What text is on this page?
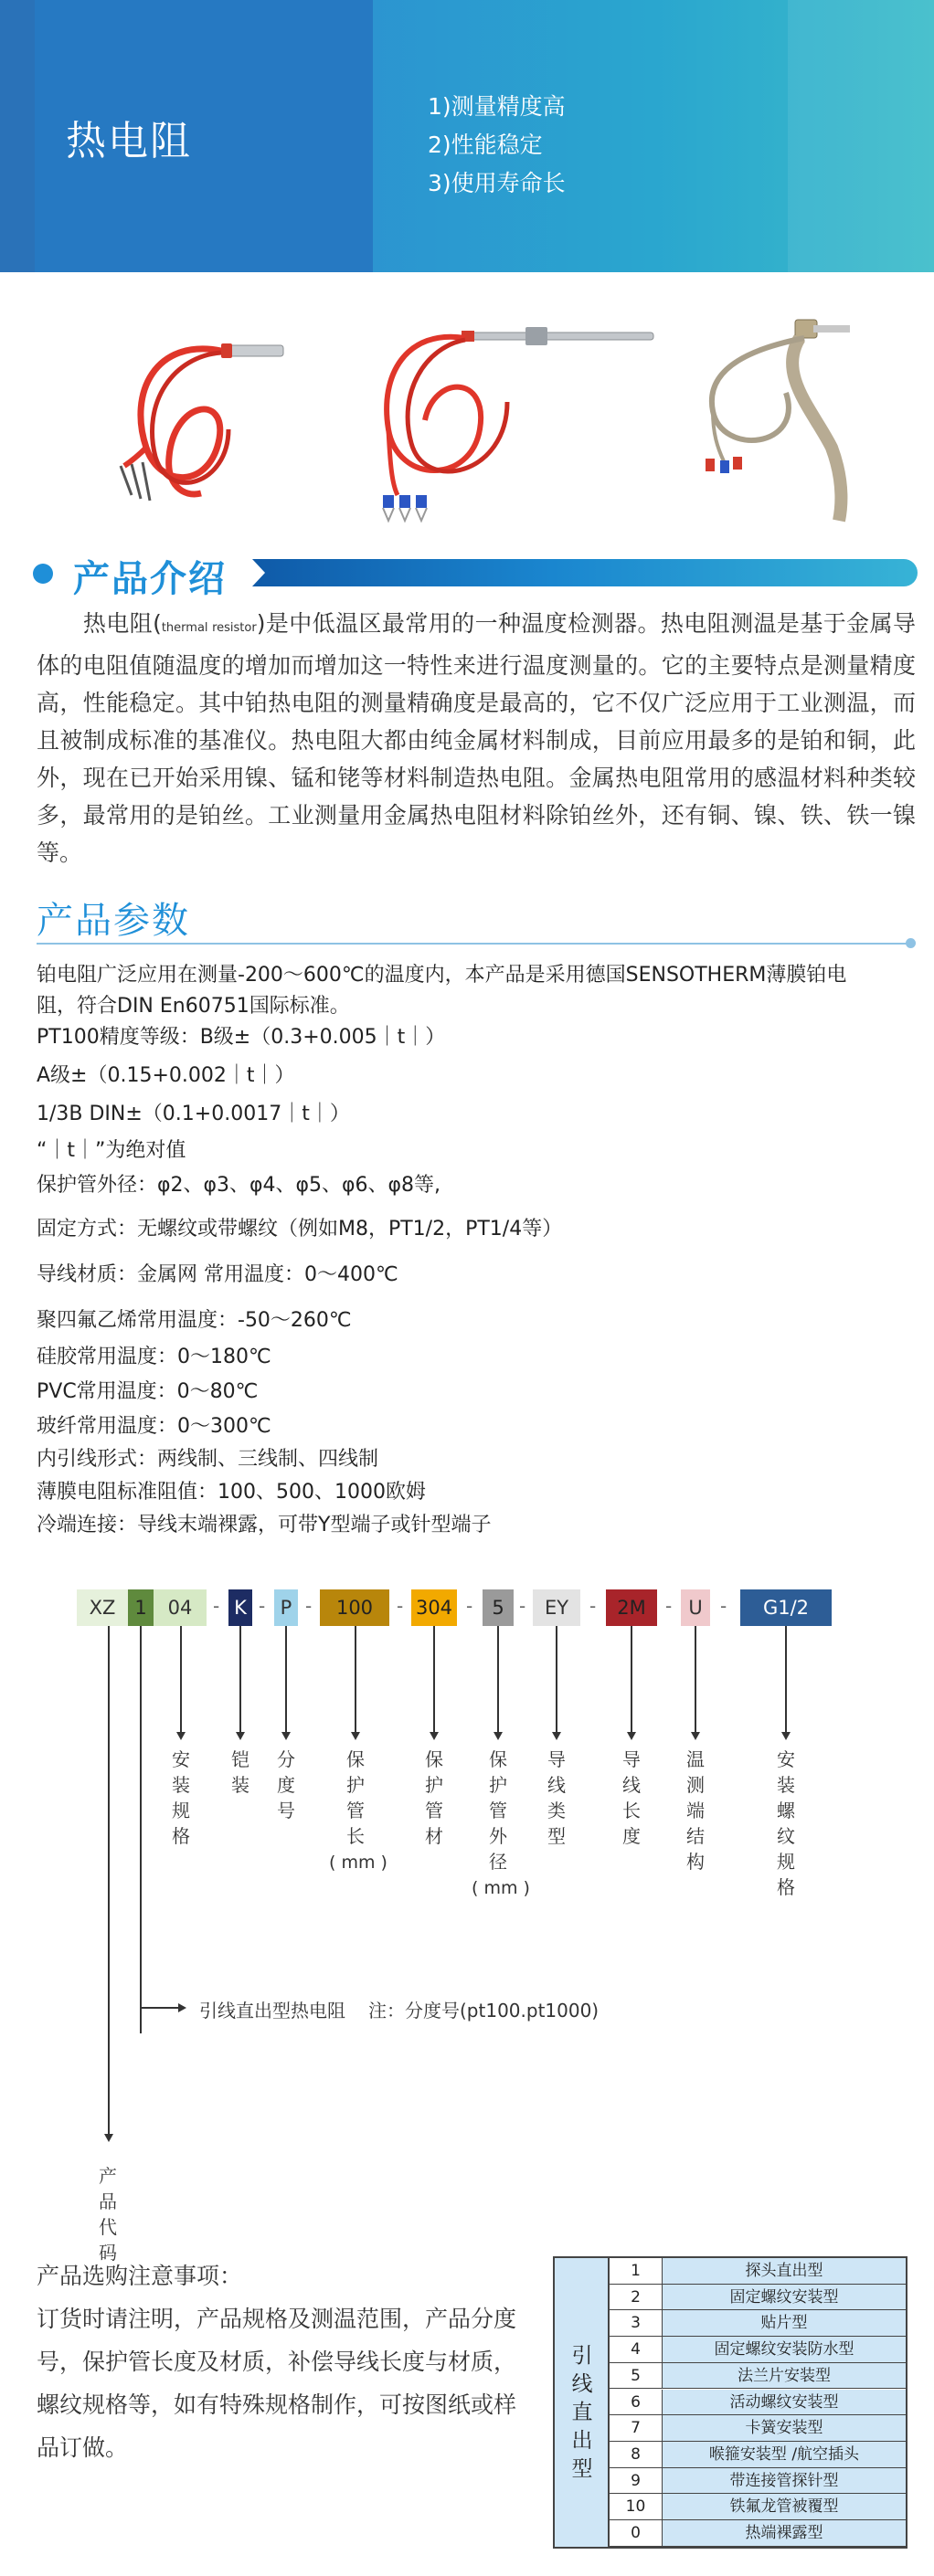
热电阻
1)测量精度高
2)性能稳定
3)使用寿命长
产品介绍
　　热电阻(thermal resistor)是中低温区最常用的一种温度检测器。热电阻测温是基于金属导体的电阻值随温度的增加而增加这一特性来进行温度测量的。它的主要特点是测量精度高，性能稳定。其中铂热电阻的测量精确度是最高的，它不仅广泛应用于工业测温，而且被制成标准的基准仪。热电阻大都由纯金属材料制成，目前应用最多的是铂和铜，此外，现在已开始采用镍、锰和铑等材料制造热电阻。金属热电阻常用的感温材料种类较多，最常用的是铂丝。工业测量用金属热电阻材料除铂丝外，还有铜、镍、铁、铁一镍等。
产品参数
铂电阻广泛应用在测量-200～600℃的温度内，本产品是采用德国SENSOTHERM薄膜铂电
阻，符合DIN En60751国际标准。
PT100精度等级：B级±（0.3+0.005｜t｜）
A级±（0.15+0.002｜t｜）
1/3B DIN±（0.1+0.0017｜t｜）
“｜t｜”为绝对值
保护管外径：φ2、φ3、φ4、φ5、φ6、φ8等,
固定方式：无螺纹或带螺纹（例如M8，PT1/2，PT1/4等）
导线材质：金属网 常用温度：0～400℃
聚四氟乙烯常用温度：-50～260℃
硅胶常用温度：0～180℃
PVC常用温度：0～80℃
玻纤常用温度：0～300℃
内引线形式：两线制、三线制、四线制
薄膜电阻标准阻值：100、500、1000欧姆
冷端连接：导线末端裸露，可带Y型端子或针型端子
XZ 1	04	- K - P -	100	- 304 -	5 - EY	-	2M	- U -	G1/2
安装规格
铠装
分度号
保护管长
( mm )
保护管材
保护管外径
( mm )
导线类型
导线长度
温测端结构
安装螺纹规格
引线直出型热电阻 注：分度号(pt100.pt1000)
产品代码
产品选购注意事项：
订货时请注明，产品规格及测温范围，产品分度号，保护管长度及材质，补偿导线长度与材质，螺纹规格等，如有特殊规格制作，可按图纸或样品订做。
引线直出型
1	探头直出型
2	固定螺纹安装型
3	贴片型
4	固定螺纹安装防水型
5	法兰片安装型
6	活动螺纹安装型
7	卡簧安装型
8	喉箍安装型 /航空插头
9	带连接管探针型
10	铁氟龙管被覆型
0	热端裸露型
